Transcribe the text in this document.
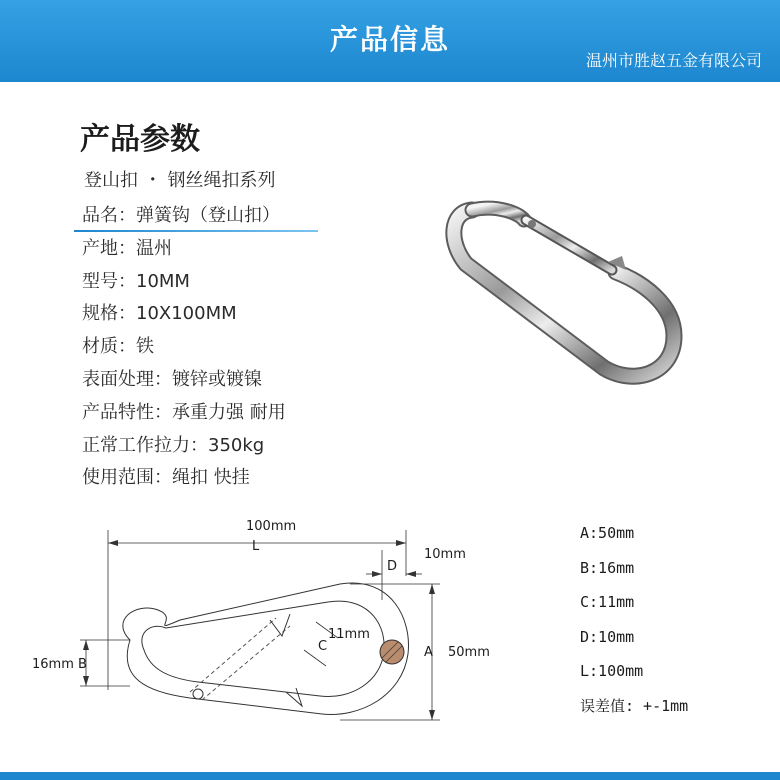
产品信息
温州市胜赵五金有限公司
产品参数
登山扣 ・ 钢丝绳扣系列
品名：弹簧钩（登山扣）
产地：温州
型号：10MM
规格：10X100MM
材质：铁
表面处理：镀锌或镀镍
产品特性：承重力强 耐用
正常工作拉力：350kg
使用范围：绳扣 快挂
100mm
L
D
10mm
A 50mm
B
16mm
C
11mm
A:50mm
B:16mm
C:11mm
D:10mm
L:100mm
误差值: +-1mm
